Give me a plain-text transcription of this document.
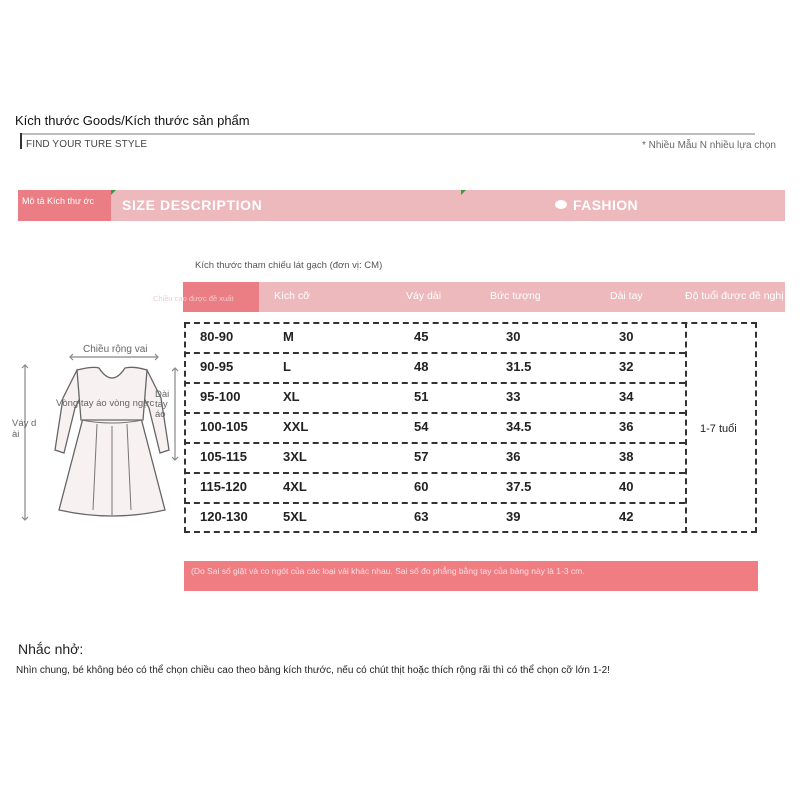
Kích thước Goods/Kích thước sản phẩm
FIND YOUR TURE STYLE	* Nhiều Mẫu N nhiều lựa chọn
Mô tả Kích thư ớc	SIZE DESCRIPTION	FASHION
Chiều rộng vai
Vòng tay áo vòng ngực
Dài tay áo
Váy d ài
Kích thước tham chiếu lát gạch (đơn vị: CM)
Chiều cao được đề xuất	Kích cỡ	Váy dài	Bức tượng	Dài tay	Độ tuổi được đề nghị
80-90	M	45	30	30
90-95	L	48	31.5	32
95-100	XL	51	33	34
100-105	XXL	54	34.5	36
105-115	3XL	57	36	38
115-120	4XL	60	37.5	40
120-130	5XL	63	39	42
1-7 tuổi
(Do Sai số giặt và co ngót của các loại vải khác nhau. Sai số đo phẳng bằng tay của bảng này là 1-3 cm.
Nhắc nhở:
Nhìn chung, bé không béo có thể chọn chiều cao theo bảng kích thước, nếu có chút thịt hoặc thích rộng rãi thì có thể chọn cỡ lớn 1-2!
